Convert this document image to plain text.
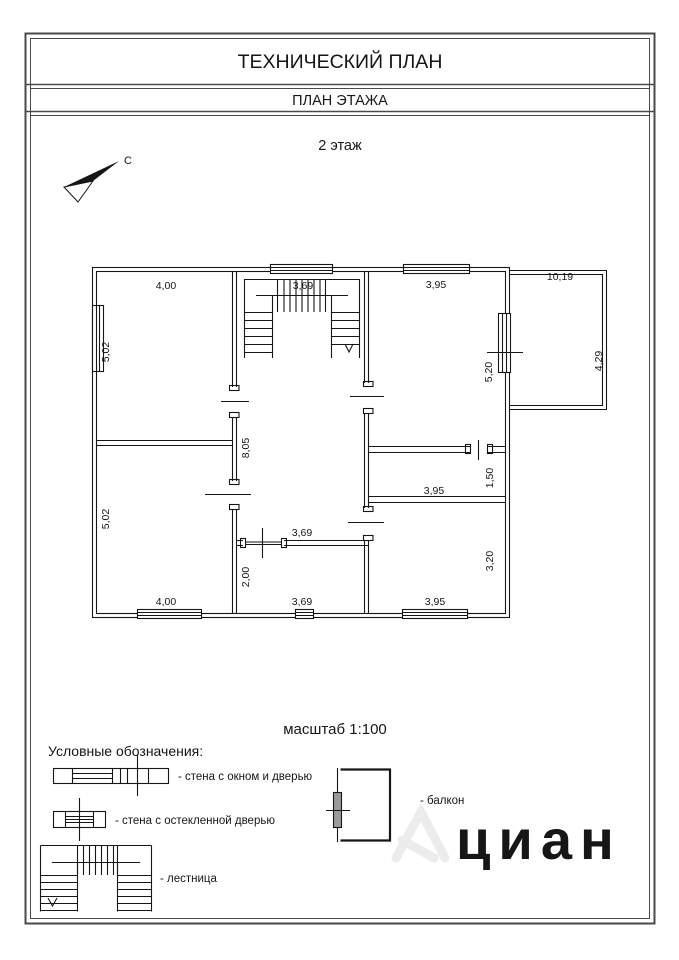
циан
ТЕХНИЧЕСКИЙ ПЛАН
ПЛАН ЭТАЖА
2 этаж
С
4,00	3,69	3,95
10,19
5,02
5,02
8,05
5,20
4,29
1,50
3,95
3,69
2,00
4,00	3,69	3,95
3,20
масштаб 1:100
Условные обозначения:
- стена с окном и дверью
- стена с остекленной дверью
- лестница
- балкон
